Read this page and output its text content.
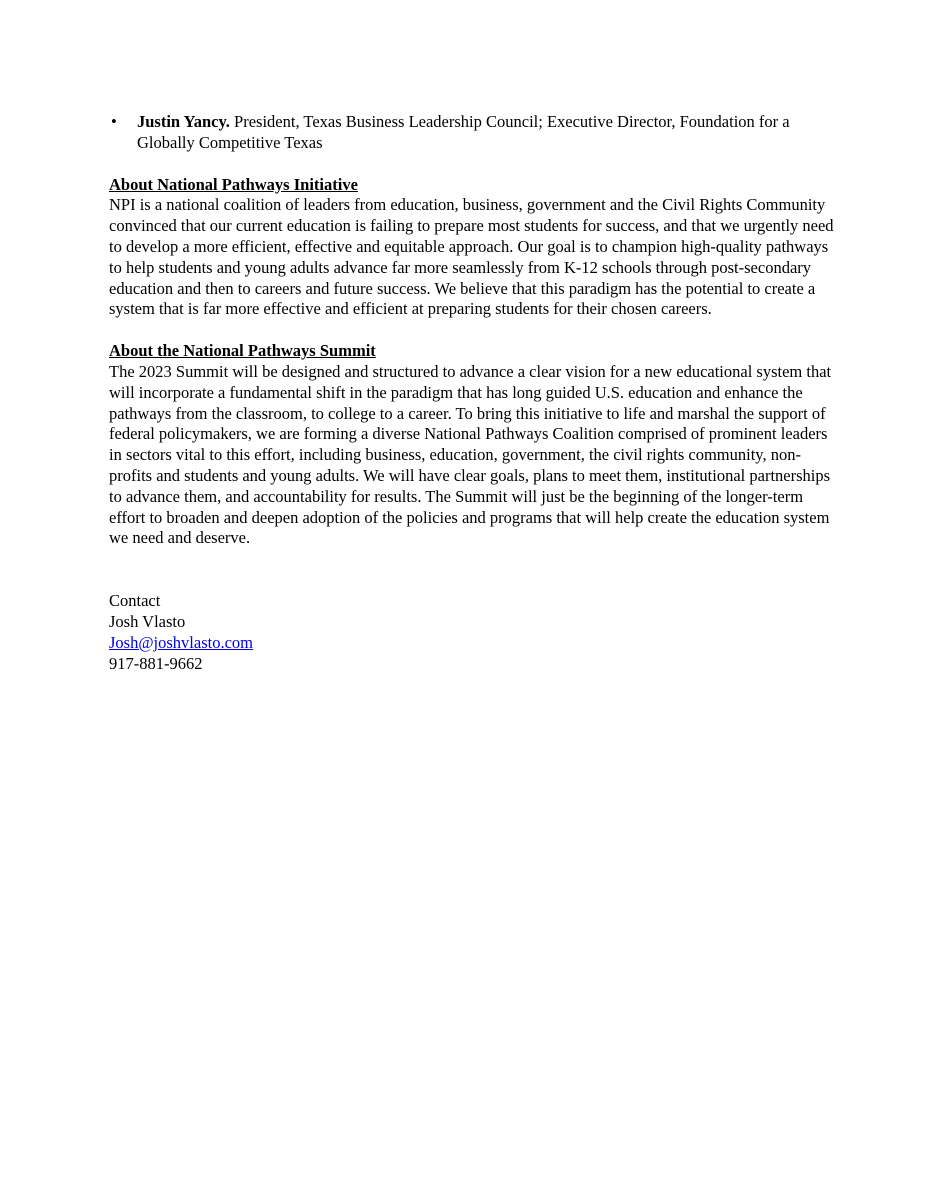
• Justin Yancy. President, Texas Business Leadership Council; Executive Director, Foundation for a Globally Competitive Texas

About National Pathways Initiative

NPI is a national coalition of leaders from education, business, government and the Civil Rights Community convinced that our current education is failing to prepare most students for success, and that we urgently need to develop a more efficient, effective and equitable approach. Our goal is to champion high-quality pathways to help students and young adults advance far more seamlessly from K-12 schools through post-secondary education and then to careers and future success. We believe that this paradigm has the potential to create a system that is far more effective and efficient at preparing students for their chosen careers.

About the National Pathways Summit

The 2023 Summit will be designed and structured to advance a clear vision for a new educational system that will incorporate a fundamental shift in the paradigm that has long guided U.S. education and enhance the pathways from the classroom, to college to a career. To bring this initiative to life and marshal the support of federal policymakers, we are forming a diverse National Pathways Coalition comprised of prominent leaders in sectors vital to this effort, including business, education, government, the civil rights community, non-profits and students and young adults. We will have clear goals, plans to meet them, institutional partnerships to advance them, and accountability for results. The Summit will just be the beginning of the longer-term effort to broaden and deepen adoption of the policies and programs that will help create the education system we need and deserve.

Contact
Josh Vlasto
Josh@joshvlasto.com
917-881-9662
